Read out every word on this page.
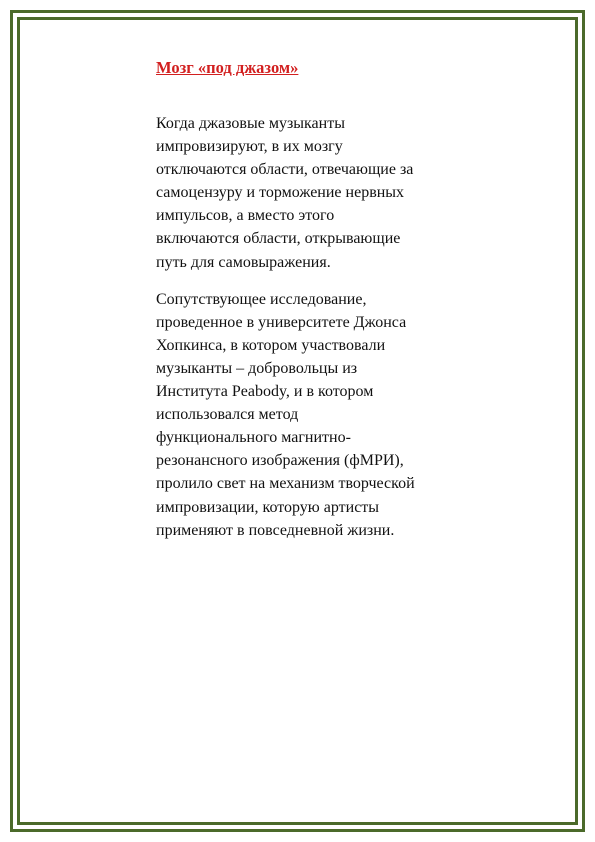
Мозг «под джазом»

Когда джазовые музыканты
импровизируют, в их мозгу
отключаются области, отвечающие за
самоцензуру и торможение нервных
импульсов, а вместо этого
включаются области, открывающие
путь для самовыражения.

Сопутствующее исследование,
проведенное в университете Джонса
Хопкинса, в котором участвовали
музыканты – добровольцы из
Института Peabody, и в котором
использовался метод
функционального магнитно-
резонансного изображения (фМРИ),
пролило свет на механизм творческой
импровизации, которую артисты
применяют в повседневной жизни.
